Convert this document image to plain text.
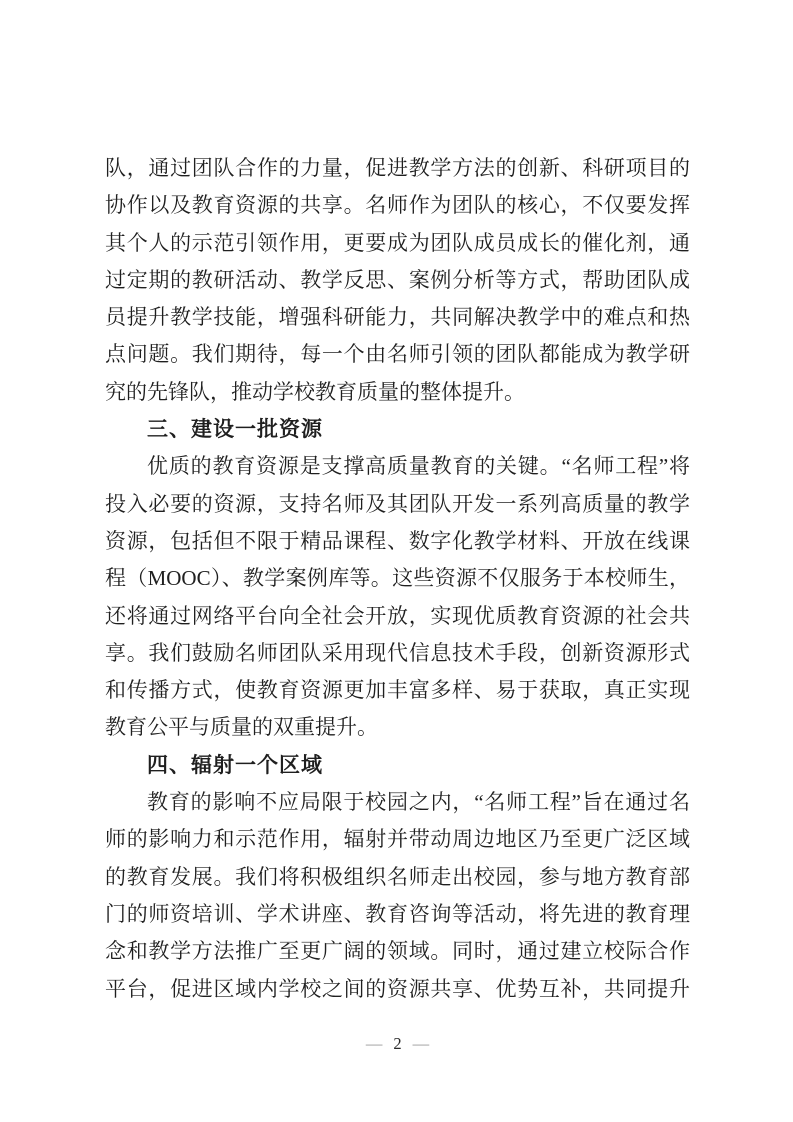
队，通过团队合作的力量，促进教学方法的创新、科研项目的
协作以及教育资源的共享。名师作为团队的核心，不仅要发挥
其个人的示范引领作用，更要成为团队成员成长的催化剂，通
过定期的教研活动、教学反思、案例分析等方式，帮助团队成
员提升教学技能，增强科研能力，共同解决教学中的难点和热
点问题。我们期待，每一个由名师引领的团队都能成为教学研
究的先锋队，推动学校教育质量的整体提升。
三、建设一批资源
优质的教育资源是支撑高质量教育的关键。“名师工程”将
投入必要的资源，支持名师及其团队开发一系列高质量的教学
资源，包括但不限于精品课程、数字化教学材料、开放在线课
程（MOOC）、教学案例库等。这些资源不仅服务于本校师生，
还将通过网络平台向全社会开放，实现优质教育资源的社会共
享。我们鼓励名师团队采用现代信息技术手段，创新资源形式
和传播方式，使教育资源更加丰富多样、易于获取，真正实现
教育公平与质量的双重提升。
四、辐射一个区域
教育的影响不应局限于校园之内，“名师工程”旨在通过名
师的影响力和示范作用，辐射并带动周边地区乃至更广泛区域
的教育发展。我们将积极组织名师走出校园，参与地方教育部
门的师资培训、学术讲座、教育咨询等活动，将先进的教育理
念和教学方法推广至更广阔的领域。同时，通过建立校际合作
平台，促进区域内学校之间的资源共享、优势互补，共同提升
— 2 —
